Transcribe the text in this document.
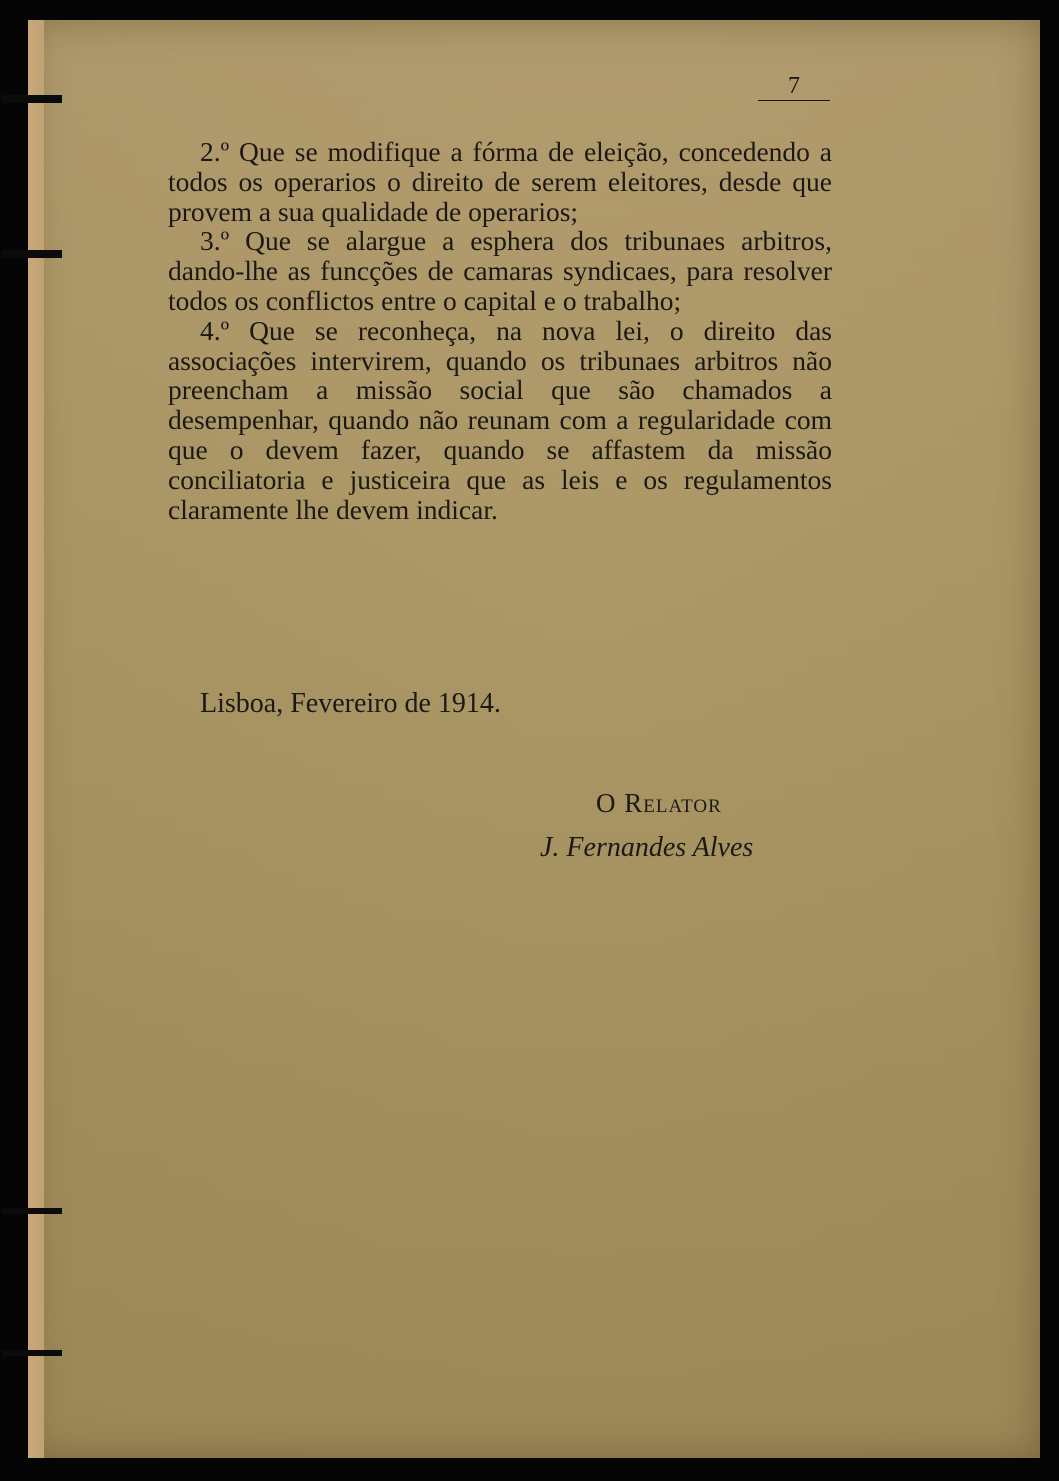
7

2.º Que se modifique a fórma de eleição, concedendo a todos os operarios o direito de serem eleitores, desde que provem a sua qualidade de operarios;

3.º Que se alargue a esphera dos tribunaes arbitros, dando-lhe as funcções de camaras syndicaes, para resolver todos os conflictos entre o capital e o trabalho;

4.º Que se reconheça, na nova lei, o direito das associações intervirem, quando os tribunaes arbitros não preencham a missão social que são chamados a desempenhar, quando não reunam com a regularidade com que o devem fazer, quando se affastem da missão conciliatoria e justiceira que as leis e os regulamentos claramente lhe devem indicar.

Lisboa, Fevereiro de 1914.
O Relator
J. Fernandes Alves
